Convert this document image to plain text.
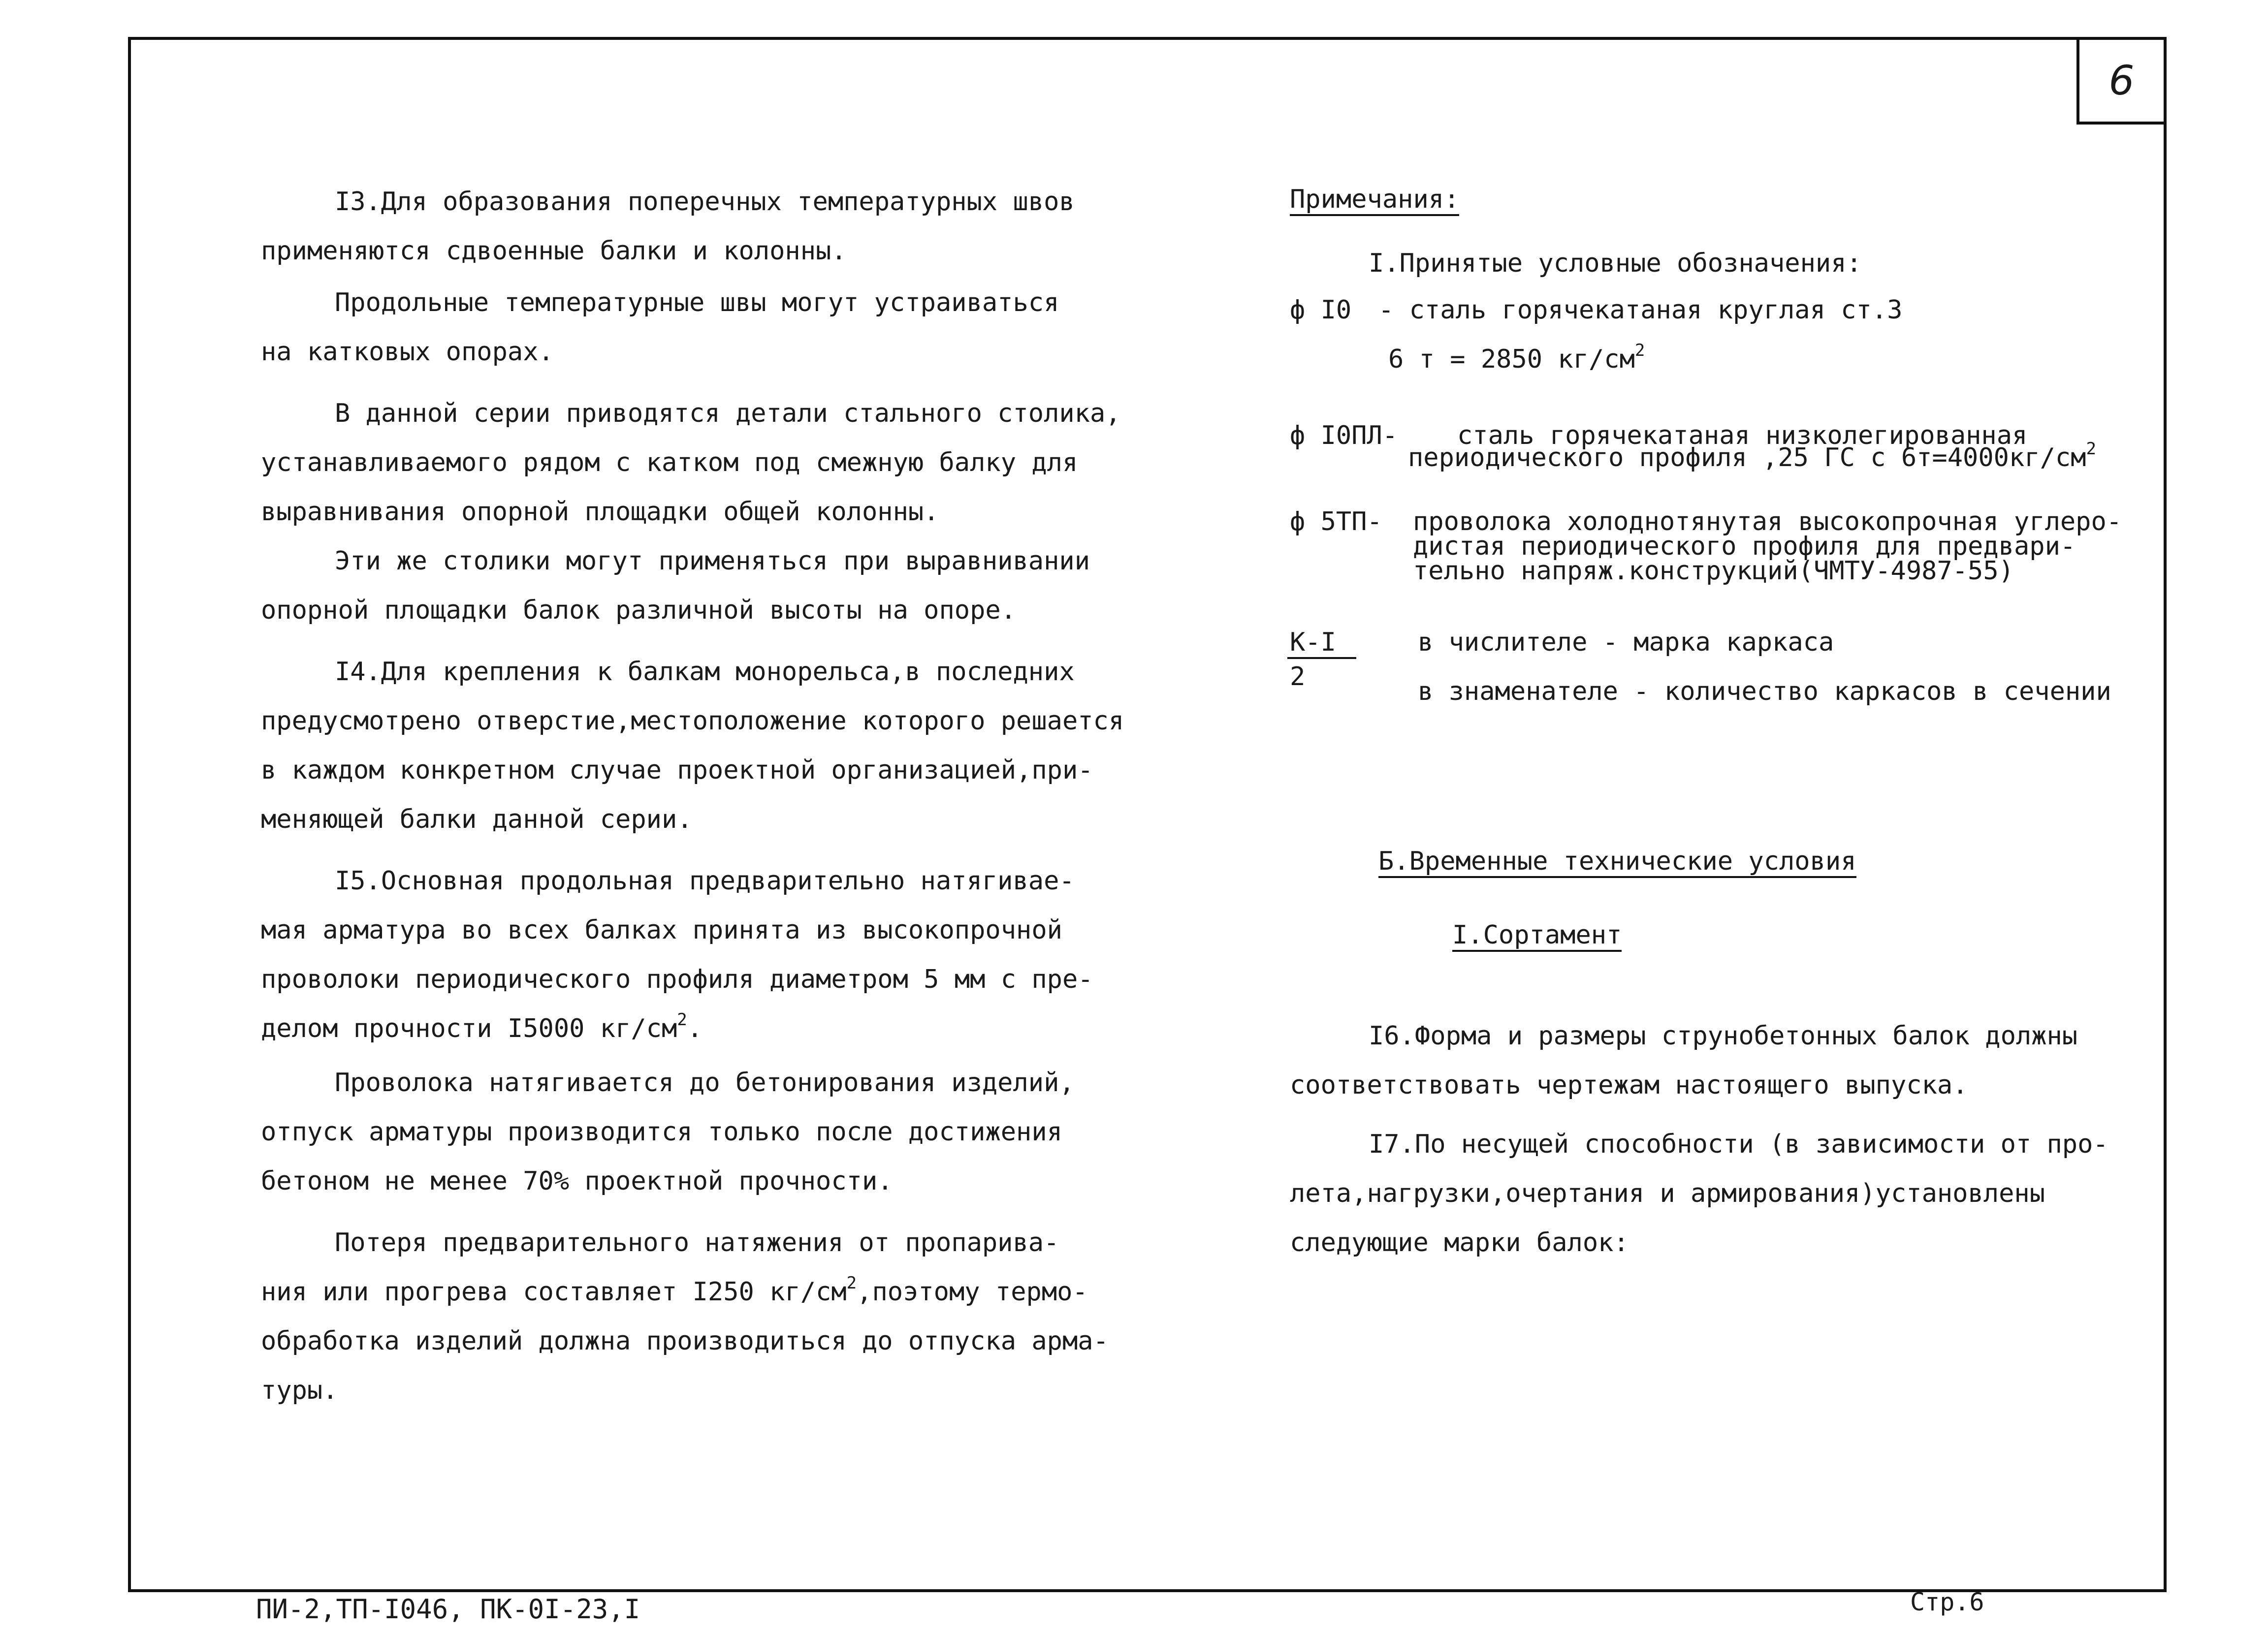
6
I3.Для образования поперечных температурных швов
применяются сдвоенные балки и колонны.
Продольные температурные швы могут устраиваться
на катковых опорах.
В данной серии приводятся детали стального столика,
устанавливаемого рядом с катком под смежную балку для
выравнивания опорной площадки общей колонны.
Эти же столики могут применяться при выравнивании
опорной площадки балок различной высоты на опоре.
I4.Для крепления к балкам монорельса,в последних
предусмотрено отверстие,местоположение которого решается
в каждом конкретном случае проектной организацией,при-
меняющей балки данной серии.
I5.Основная продольная предварительно натягивае-
мая арматура во всех балках принята из высокопрочной
проволоки периодического профиля диаметром 5 мм с пре-
делом прочности I5000 $кг/см^2$.
Проволока натягивается до бетонирования изделий,
отпуск арматуры производится только после достижения
бетоном не менее 70% проектной прочности.
Потеря предварительного натяжения от пропарива-
ния или прогрева составляет I250 $кг/см^2,поэтому$ термо-
обработка изделий должна производиться до отпуска арма-
туры.
Примечания:
I.Принятые условные обозначения:
ф I0 - сталь горячекатаная круглая ст.3
6 т = 2850 $кг/см^2$
ф I0ПЛ- сталь горячекатаная низколегированная
периодического профиля ,25 ГС с $6т=4000кг/см^2$
ф 5ТП- проволока холоднотянутая высокопрочная углеро-
дистая периодического профиля для предвари-
тельно напряж.конструкций(ЧМТУ-4987-55)
К-I
2
в числителе - марка каркаса
в знаменателе - количество каркасов в сечении
Б.Временные технические условия
I.Сортамент
I6.Форма и размеры струнобетонных балок должны
соответствовать чертежам настоящего выпуска.
I7.По несущей способности (в зависимости от про-
лета,нагрузки,очертания и армирования)установлены
следующие марки балок:
ПИ-2,ТП-I046, ПК-0I-23,I	Стр.6
